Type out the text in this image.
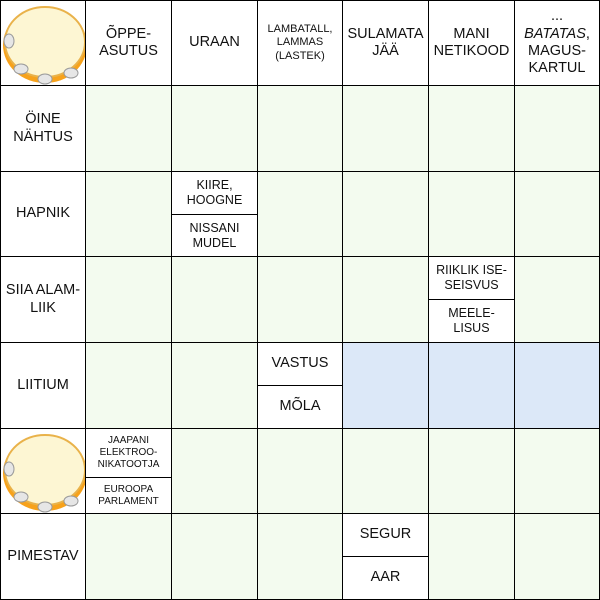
ÕPPE-
ASUTUS
URAAN
LAMBATALL,
LAMMAS
(LASTEK)
SULAMATA
JÄÄ
MANI
NETIKOOD
... BATATAS,
MAGUS-
KARTUL
ÖINE
NÄHTUS
HAPNIK
KIIRE,
HOOGNE
NISSANI
MUDEL
SIIA ALAM-
LIIK
RIIKLIK ISE-
SEISVUS
MEELE-
LISUS
LIITIUM
VASTUS
MÕLA
JAAPANI
ELEKTROO-
NIKATOOTJA
EUROOPA
PARLAMENT
PIMESTAV
SEGUR
AAR
